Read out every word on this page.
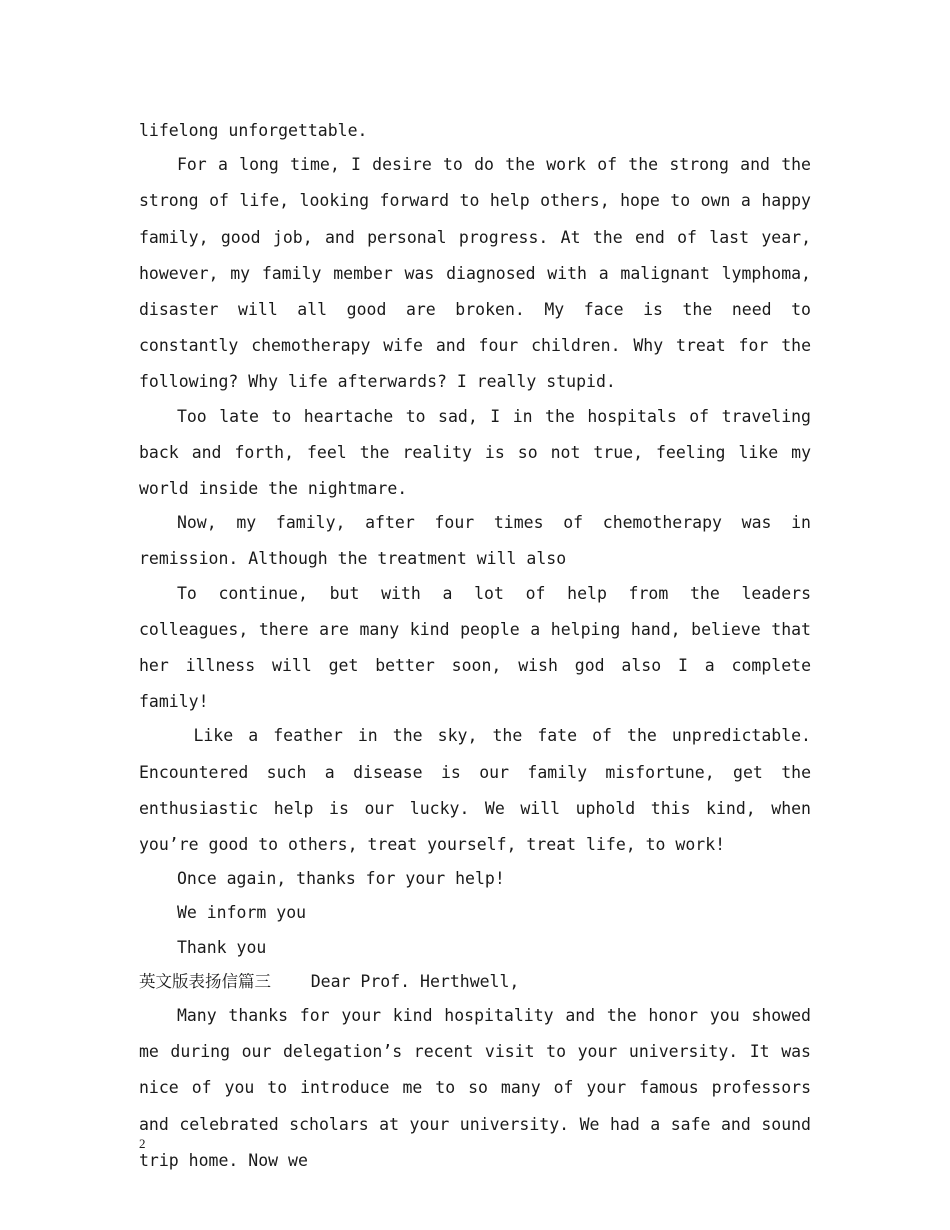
lifelong unforgettable.

For a long time, I desire to do the work of the strong and the strong of life, looking forward to help others, hope to own a happy family, good job, and personal progress. At the end of last year, however, my family member was diagnosed with a malignant lymphoma, disaster will all good are broken. My face is the need to constantly chemotherapy wife and four children. Why treat for the following? Why life afterwards? I really stupid.

Too late to heartache to sad, I in the hospitals of traveling back and forth, feel the reality is so not true, feeling like my world inside the nightmare.

Now, my family, after four times of chemotherapy was in remission. Although the treatment will also

To continue, but with a lot of help from the leaders colleagues, there are many kind people a helping hand, believe that her illness will get better soon, wish god also I a complete family!

Like a feather in the sky, the fate of the unpredictable. Encountered such a disease is our family misfortune, get the enthusiastic help is our lucky. We will uphold this kind, when you’re good to others, treat yourself, treat life, to work!

Once again, thanks for your help!

We inform you

Thank you

英文版表扬信篇三 Dear Prof. Herthwell,

Many thanks for your kind hospitality and the honor you showed me during our delegation’s recent visit to your university. It was nice of you to introduce me to so many of your famous professors and celebrated scholars at your university. We had a safe and sound trip home. Now we

2
